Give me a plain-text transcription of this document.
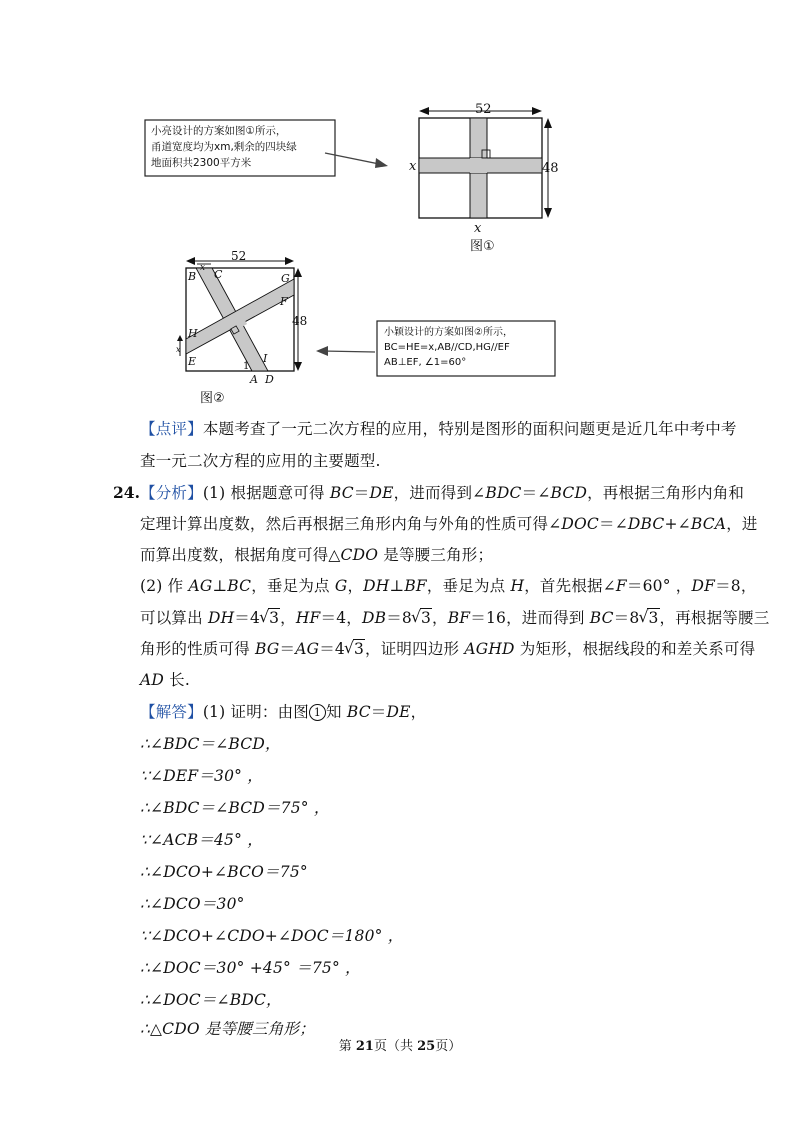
小亮设计的方案如图①所示，
甬道宽度均为xm,剩余的四块绿
地面积共2300平方米
52
48
x
x
图①
52
48
x
x
B C	G
F
H
E	I
1
A D
图②
小颖设计的方案如图②所示，
BC=HE=x,AB//CD,HG//EF
AB⊥EF, ∠1=60°
【点评】本题考查了一元二次方程的应用，特别是图形的面积问题更是近几年中考中考
查一元二次方程的应用的主要题型.
24. 【分析】(1) 根据题意可得 BC＝DE，进而得到∠BDC＝∠BCD，再根据三角形内角和
定理计算出度数，然后再根据三角形内角与外角的性质可得∠DOC＝∠DBC+∠BCA，进
而算出度数，根据角度可得△CDO 是等腰三角形；
(2) 作 AG⊥BC，垂足为点 G，DH⊥BF，垂足为点 H，首先根据∠F＝60° ，DF＝8，
可以算出 DH＝4 √ 3，HF＝4，DB＝8 √ 3，BF＝16，进而得到 BC＝8 √ 3，再根据等腰三
角形的性质可得 BG＝AG＝4 √ 3，证明四边形 AGHD 为矩形，根据线段的和差关系可得
AD 长.
【解答】(1) 证明：由图 1 知 BC＝DE，
∴∠BDC＝∠BCD，
∵∠DEF＝30° ，
∴∠BDC＝∠BCD＝75° ，
∵∠ACB＝45° ，
∴∠DCO+∠BCO＝75°
∴∠DCO＝30°
∵∠DCO+∠CDO+∠DOC＝180° ，
∴∠DOC＝30° +45° ＝75° ，
∴∠DOC＝∠BDC，
∴△CDO 是等腰三角形；
第 21页（共 25页）
